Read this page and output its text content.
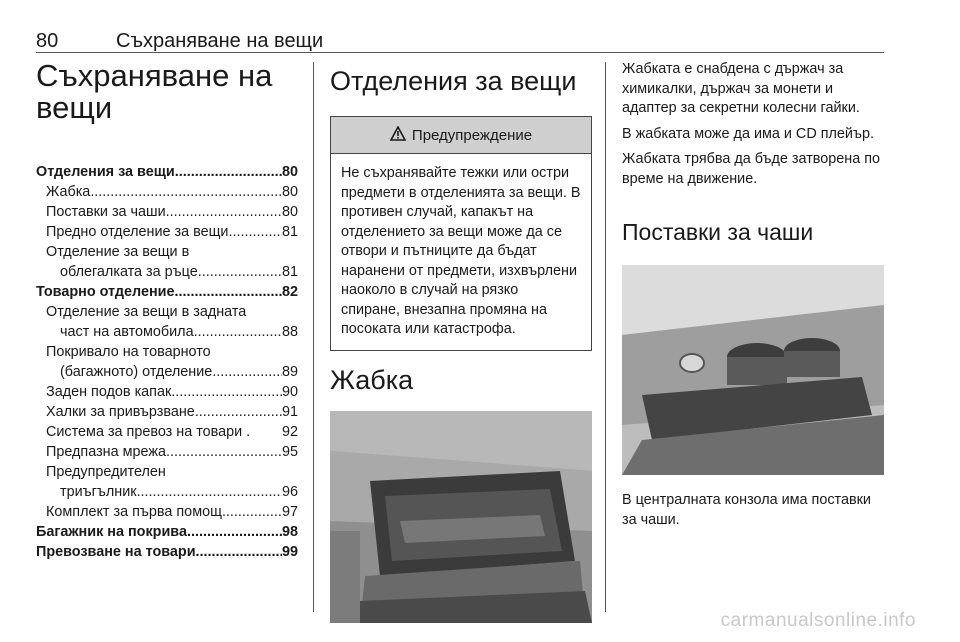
80	Съхраняване на вещи
Съхраняване на вещи
Отделения за вещи .....	80
Жабка .....	80
Поставки за чаши .....	80
Предно отделение за вещи .....	81
Отделение за вещи в
облегалката за ръце .....	81
Товарно отделение .....	82
Отделение за вещи в задната
част на автомобила .....	88
Покривало на товарното
(багажното) отделение .....	89
Заден подов капак .....	90
Халки за привързване .....	91
Система за превоз на товари . 92
Предпазна мрежа .....	95
Предупредителен
триъгълник .....	96
Комплект за първа помощ .....	97
Багажник на покрива .....	98
Превозване на товари .....	99
Отделения за вещи
Предупреждение
Не съхранявайте тежки или остри предмети в отделенията за вещи. В противен случай, капакът на отделението за вещи може да се отвори и пътниците да бъдат наранени от предмети, изхвърлени наоколо в случай на рязко спиране, внезапна промяна на посоката или катастрофа.
Жабка

Жабката е снабдена с държач за химикалки, държач за монети и адаптер за секретни колесни гайки.

В жабката може да има и CD плейър.

Жабката трябва да бъде затворена по време на движение.

Поставки за чаши

В централната конзола има поставки за чаши.

carmanualsonline.info
